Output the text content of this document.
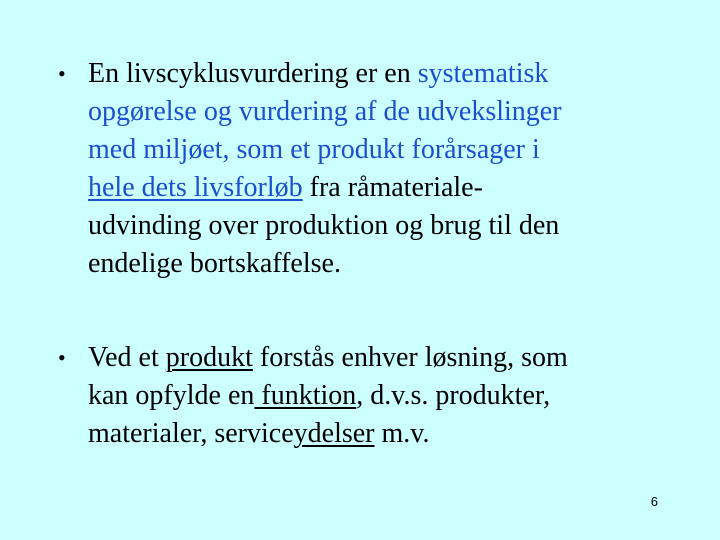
• En livscyklusvurdering er en systematisk
opgørelse og vurdering af de udvekslinger
med miljøet, som et produkt forårsager i
hele dets livsforløb fra råmateriale-
udvinding over produktion og brug til den
endelige bortskaffelse.
• Ved et produkt forstås enhver løsning, som
kan opfylde en funktion, d.v.s. produkter,
materialer, serviceydelser m.v.
6
